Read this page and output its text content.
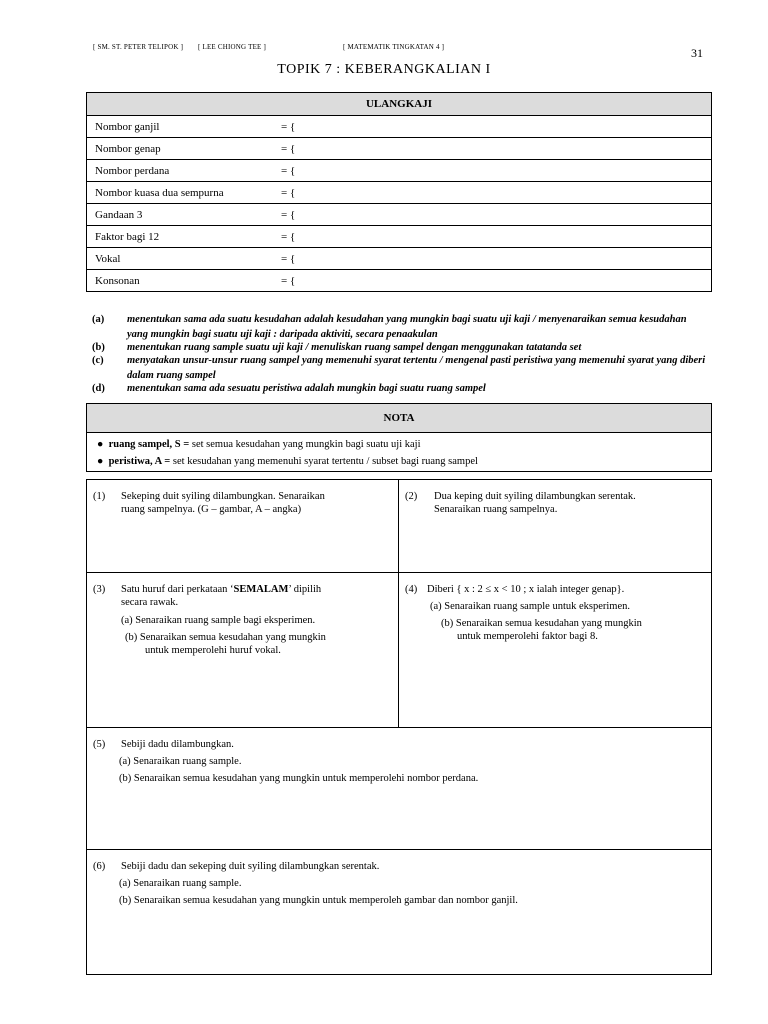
[ SM. ST. PETER TELIPOK ] [ LEE CHIONG TEE ]	[ MATEMATIK TINGKATAN 4 ]	31
TOPIK 7 : KEBERANGKALIAN I
ULANGKAJI

Nombor ganjil	= {

Nombor genap	= {

Nombor perdana	= {

Nombor kuasa dua sempurna	= {

Gandaan 3	= {

Faktor bagi 12	= {

Vokal	= {

Konsonan	= {
(a) menentukan sama ada suatu kesudahan adalah kesudahan yang mungkin bagi suatu uji kaji / menyenaraikan semua kesudahan yang mungkin bagi suatu uji kaji : daripada aktiviti, secara penaakulan
(b) menentukan ruang sample suatu uji kaji / menuliskan ruang sampel dengan menggunakan tatatanda set
(c) menyatakan unsur-unsur ruang sampel yang memenuhi syarat tertentu / mengenal pasti peristiwa yang memenuhi syarat yang diberi dalam ruang sampel
(d) menentukan sama ada sesuatu peristiwa adalah mungkin bagi suatu ruang sampel
NOTA
● ruang sampel, S = set semua kesudahan yang mungkin bagi suatu uji kaji
● peristiwa, A = set kesudahan yang memenuhi syarat tertentu / subset bagi ruang sampel
(1) Sekeping duit syiling dilambungkan. Senaraikan
ruang sampelnya. (G – gambar, A – angka)
(2) Dua keping duit syiling dilambungkan serentak.
Senaraikan ruang sampelnya.
(3) Satu huruf dari perkataan ‘SEMALAM’ dipilih
secara rawak.
(a) Senaraikan ruang sample bagi eksperimen.
(b) Senaraikan semua kesudahan yang mungkin
untuk memperolehi huruf vokal.
(4) Diberi { x : 2 ≤ x < 10 ; x ialah integer genap}.
(a) Senaraikan ruang sample untuk eksperimen.
(b) Senaraikan semua kesudahan yang mungkin
untuk memperolehi faktor bagi 8.
(5) Sebiji dadu dilambungkan.
(a) Senaraikan ruang sample.
(b) Senaraikan semua kesudahan yang mungkin untuk memperolehi nombor perdana.
(6) Sebiji dadu dan sekeping duit syiling dilambungkan serentak.
(a) Senaraikan ruang sample.
(b) Senaraikan semua kesudahan yang mungkin untuk memperoleh gambar dan nombor ganjil.
